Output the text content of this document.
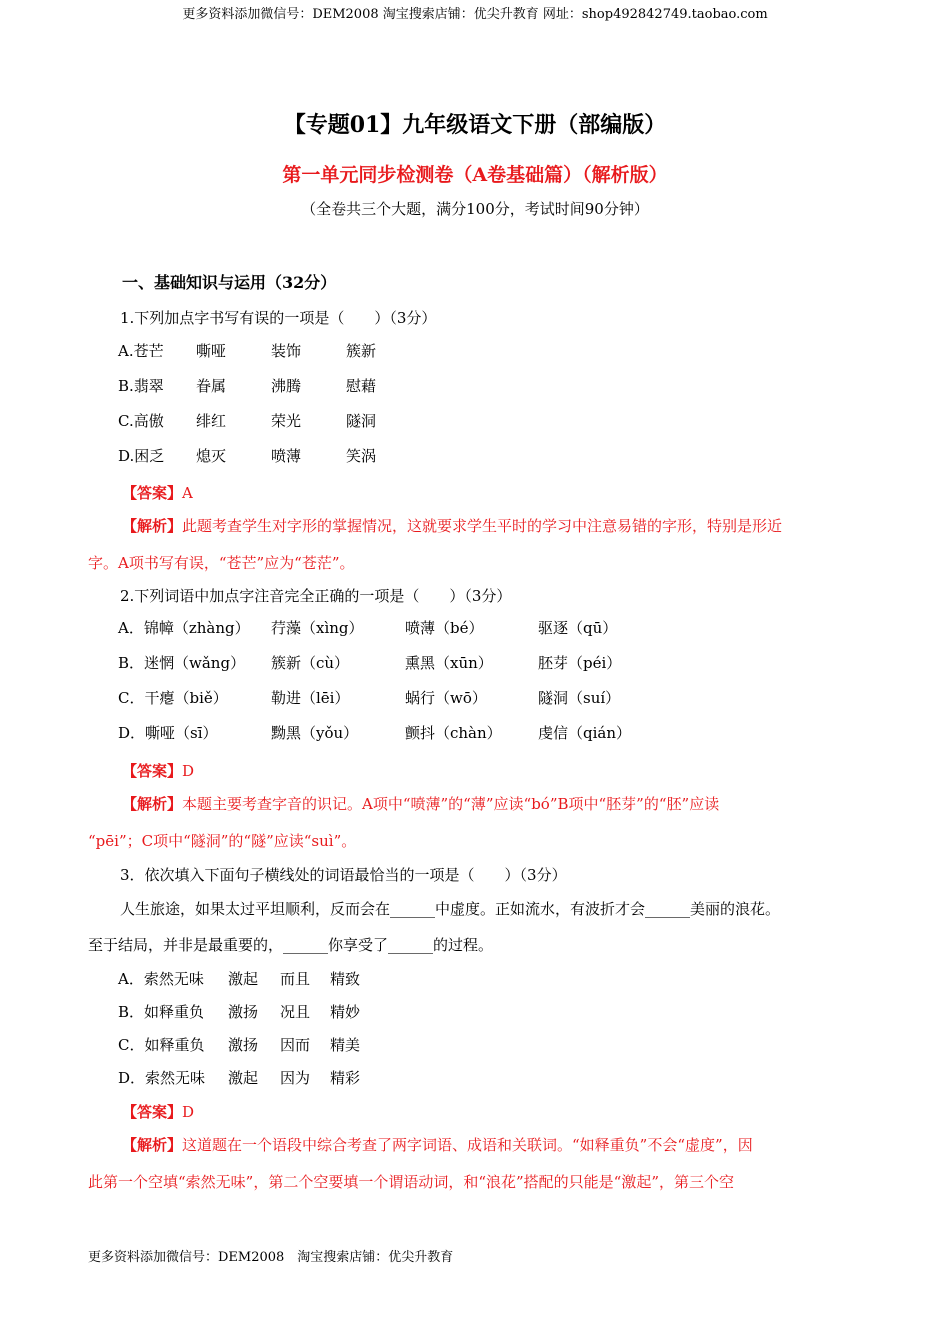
更多资料添加微信号：DEM2008 淘宝搜索店铺：优尖升教育 网址：shop492842749.taobao.com
【专题01】九年级语文下册（部编版）
第一单元同步检测卷（A卷基础篇）（解析版）
（全卷共三个大题，满分100分，考试时间90分钟）
一、基础知识与运用（32分）
1.下列加点字书写有误的一项是（　　）（3分）
A.苍芒 嘶哑	装饰	簇新
B.翡翠 眷属	沸腾	慰藉
C.高傲 绯红	荣光	隧洞
D.困乏 熄灭	喷薄	笑涡
【答案】A
【解析】此题考查学生对字形的掌握情况，这就要求学生平时的学习中注意易错的字形，特别是形近
字。A项书写有误，“苍芒”应为“苍茫”。
2.下列词语中加点字注音完全正确的一项是（　　）（3分）
A．锦幛（zhàng） 荇藻（xìng）	喷薄（bé）	驱逐（qū）
B．迷惘（wǎng） 簇新（cù）	熏黑（xūn）	胚芽（péi）
C．干瘪（biě）	勒进（lēi）	蜗行（wō）	隧洞（suí）
D．嘶哑（sī）	黝黑（yǒu）	颤抖（chàn） 虔信（qián）
【答案】D
【解析】本题主要考查字音的识记。A项中“喷薄”的“薄”应读“bó”B项中“胚芽”的“胚”应读
“pēi”；C项中“隧洞”的“隧”应读“suì”。
3．依次填入下面句子横线处的词语最恰当的一项是（　　）（3分）
人生旅途，如果太过平坦顺利，反而会在______中虚度。正如流水，有波折才会______美丽的浪花。
至于结局，并非是最重要的，______你享受了______的过程。
A．索然无味 激起 而且 精致
B．如释重负 激扬 况且 精妙
C．如释重负 激扬 因而 精美
D．索然无味 激起 因为 精彩
【答案】D
【解析】这道题在一个语段中综合考查了两字词语、成语和关联词。“如释重负”不会“虚度”，因
此第一个空填“索然无味”，第二个空要填一个谓语动词，和“浪花”搭配的只能是“激起”，第三个空
更多资料添加微信号：DEM2008　淘宝搜索店铺：优尖升教育
